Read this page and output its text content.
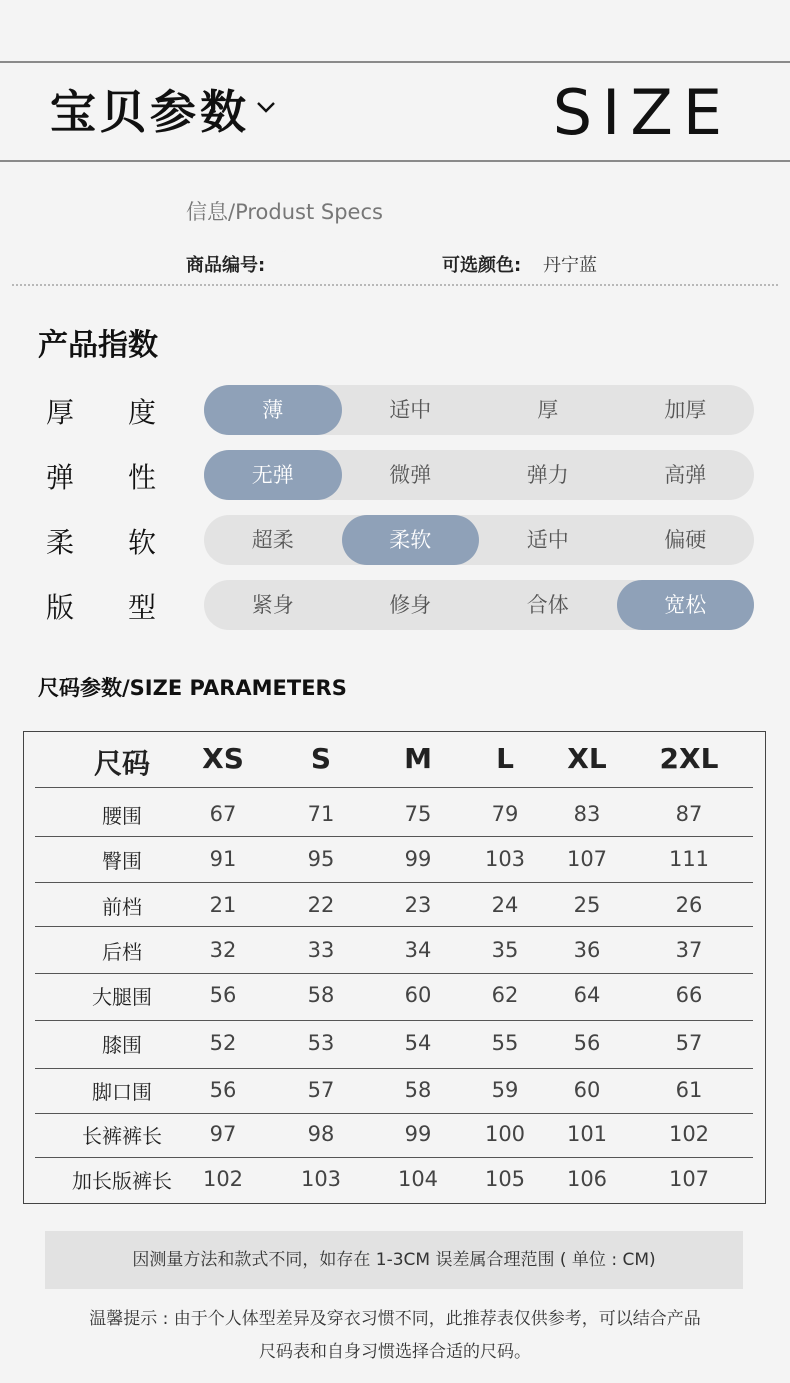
宝贝参数	SIZE
信息/Produst Specs
商品编号:	可选颜色: 丹宁蓝
产品指数
厚 度	薄	适中	厚	加厚
弹 性	无弹	微弹	弹力	高弹
柔 软	超柔	柔软	适中	偏硬
版 型	紧身	修身	合体	宽松
尺码参数/SIZE PARAMETERS
尺码 XS S	M L XL 2XL
腰围	67	71	75	79	83	87
臀围	91	95	99	103 107	111
前档	21	22	23	24	25	26
后档	32	33	34	35	36	37
大腿围	56	58	60	62	64	66
膝围	52	53	54	55	56	57
脚口围	56	57	58	59	60	61
长裤裤长 97	98	99	100 101	102
加长版裤长 102	103	104 105 106	107
因测量方法和款式不同，如存在 1-3CM 误差属合理范围 ( 单位 : CM)
温馨提示 : 由于个人体型差异及穿衣习惯不同，此推荐表仅供参考，可以结合产品
尺码表和自身习惯选择合适的尺码。
